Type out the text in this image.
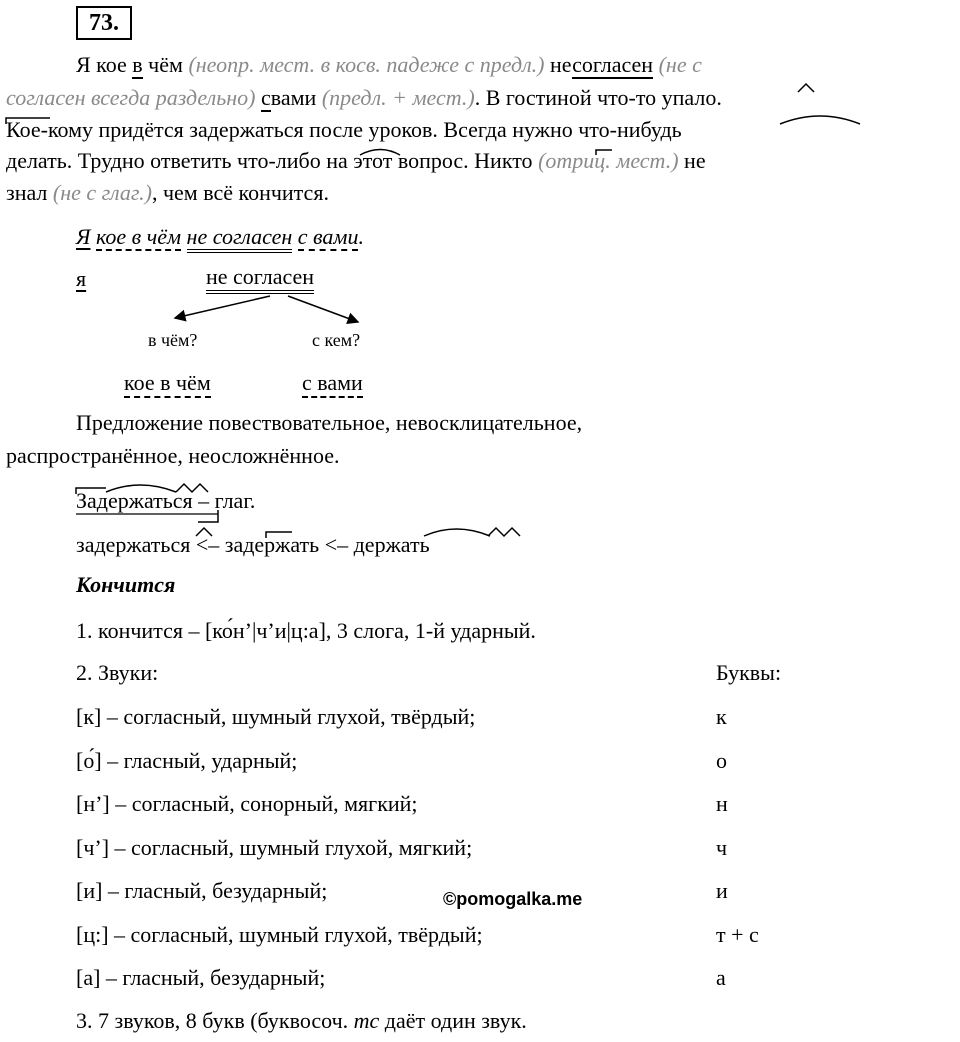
73.
Я кое в чём (неопр. мест. в косв. падеже с предл.) несогласен (не с
согласен всегда раздельно) свами (предл. + мест.). В гостиной что-то упало.
Кое-кому придётся задержаться после уроков. Всегда нужно что-нибудь
делать. Трудно ответить что-либо на этот вопрос. Никто (отриц. мест.) не
знал (не с глаг.), чем всё кончится.
Я кое в чём не согласен с вами.
я	не согласен
в чём?	с кем?
кое в чём	с вами
Предложение повествовательное, невосклицательное,
распространённое, неосложнённое.
Задержаться – глаг.
задержаться <– задержать <– держать
Кончится
1. кончится – [ко́н’|ч’и|ц:а], 3 слога, 1-й ударный.
2. Звуки:	Буквы:
[к] – согласный, шумный глухой, твёрдый;	к
[о́] – гласный, ударный;	о
[н’] – согласный, сонорный, мягкий;	н
[ч’] – согласный, шумный глухой, мягкий;	ч
[и] – гласный, безударный;	и
[ц:] – согласный, шумный глухой, твёрдый;	т + с
[а] – гласный, безударный;	а
3. 7 звуков, 8 букв (буквосоч. тс даёт один звук.
©pomogalka.me
